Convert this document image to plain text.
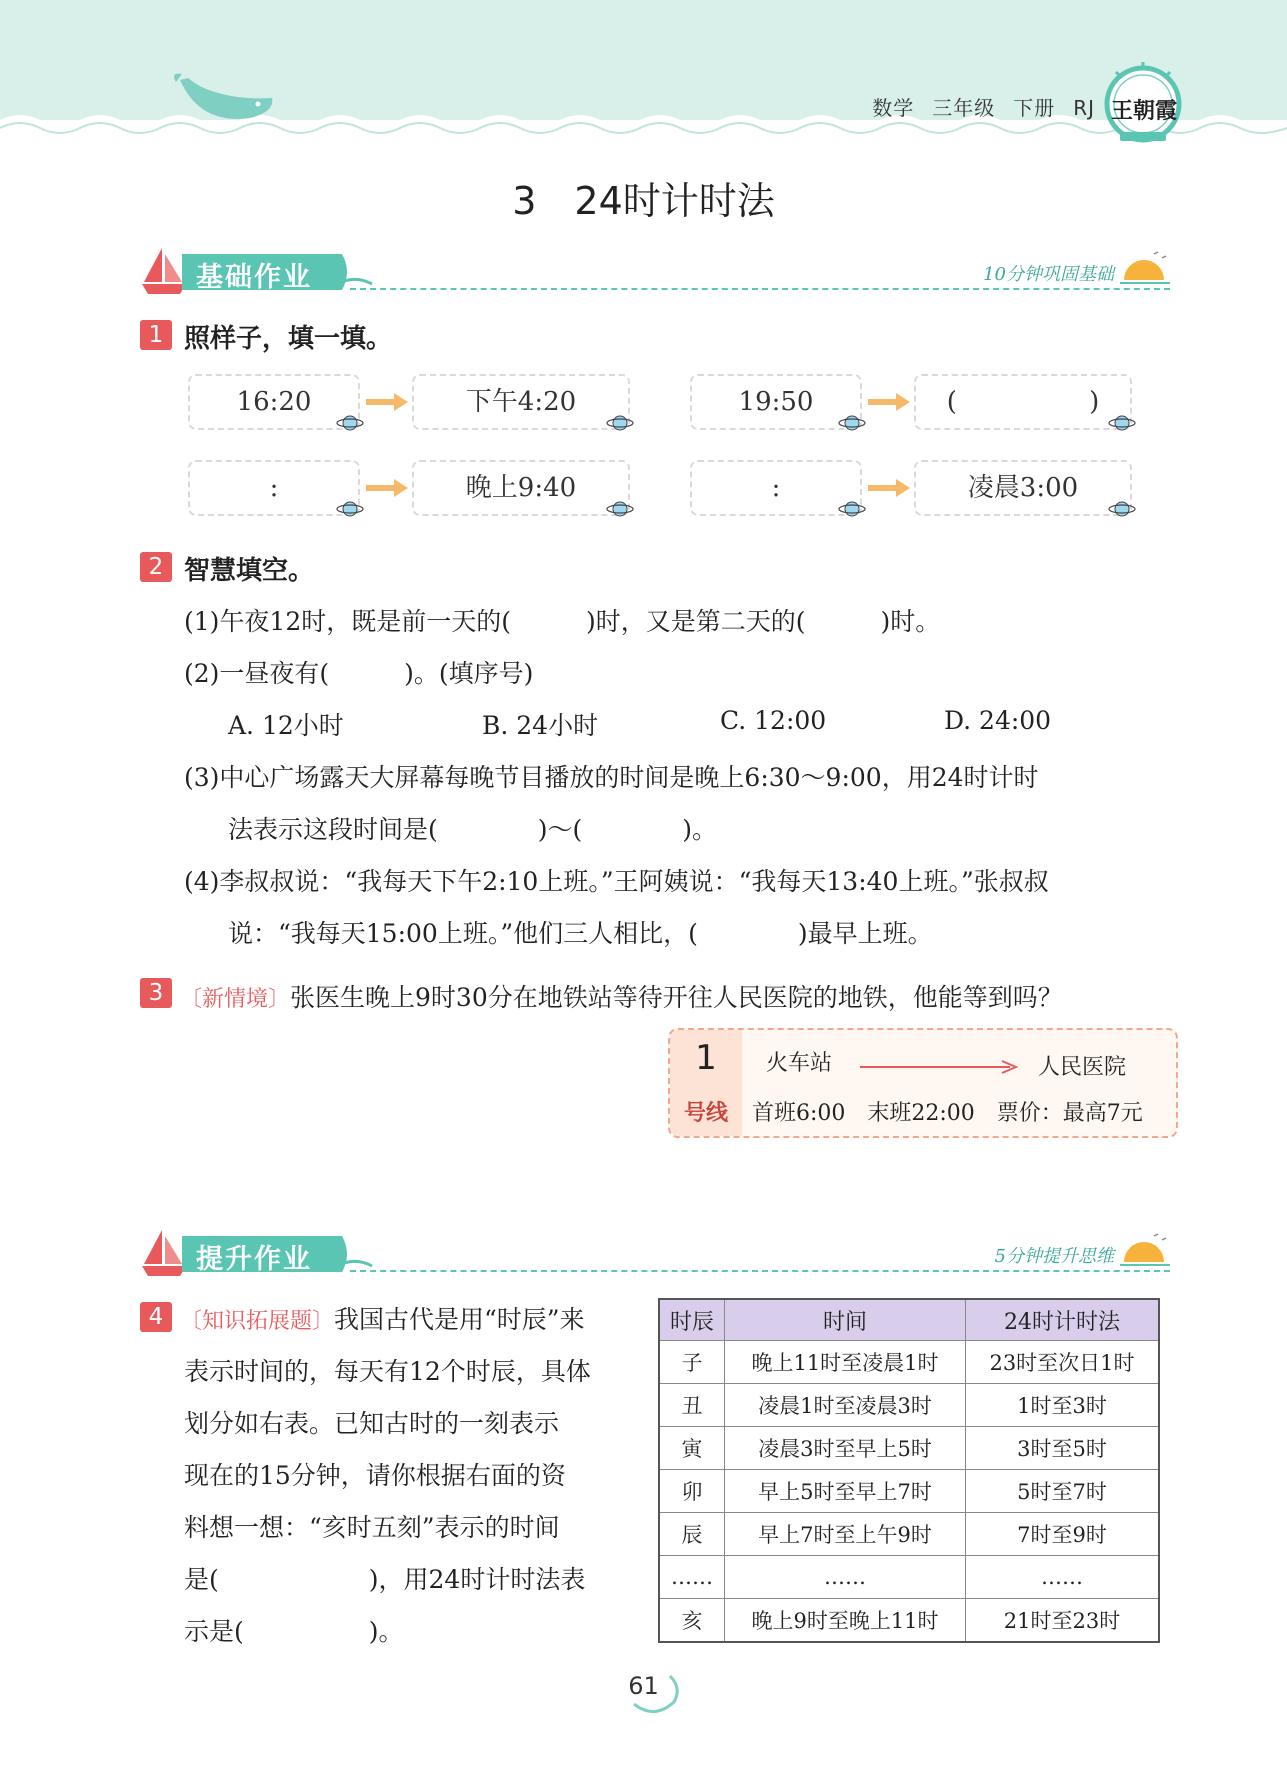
数学 三年级 下册 RJ 王朝霞
3　24时计时法
基础作业	10分钟巩固基础
1 照样子，填一填。
16:20	下午4:20	19:50	(                )
:	晚上9:40	:	凌晨3:00
2 智慧填空。
(1)午夜12时，既是前一天的(　　　)时，又是第二天的(　　　)时。
(2)一昼夜有(　　　)。(填序号)
A. 12小时	B. 24小时	C. 12:00	D. 24:00
(3)中心广场露天大屏幕每晚节目播放的时间是晚上6:30～9:00，用24时计时
法表示这段时间是(　　　　)～(　　　　)。
(4)李叔叔说：“我每天下午2:10上班。”王阿姨说：“我每天13:40上班。”张叔叔
说：“我每天15:00上班。”他们三人相比，(　　　　)最早上班。
3 〔新情境〕张医生晚上9时30分在地铁站等待开往人民医院的地铁，他能等到吗？
1
号线
火车站	人民医院
首班6:00　末班22:00　票价：最高7元
提升作业	5分钟提升思维
4 〔知识拓展题〕我国古代是用“时辰”来
表示时间的，每天有12个时辰，具体
划分如右表。已知古时的一刻表示
现在的15分钟，请你根据右面的资
料想一想：“亥时五刻”表示的时间
是(　　　　　　)，用24时计时法表
示是(　　　　　)。
时辰	时间	24时计时法
子	晚上11时至凌晨1时	23时至次日1时
丑	凌晨1时至凌晨3时	1时至3时
寅	凌晨3时至早上5时	3时至5时
卯	早上5时至早上7时	5时至7时
辰	早上7时至上午9时	7时至9时
……	……	……
亥	晚上9时至晚上11时	21时至23时
61
